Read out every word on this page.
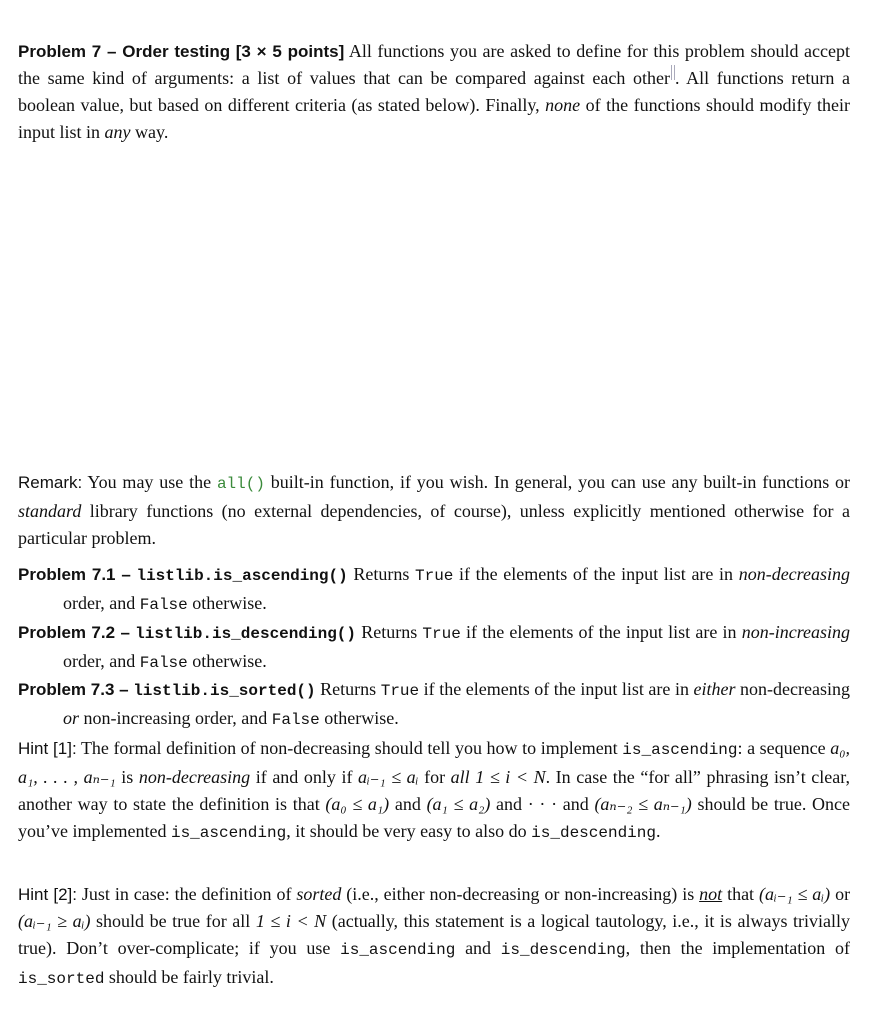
Problem 7 – Order testing [3 × 5 points] All functions you are asked to define for this problem should accept the same kind of arguments: a list of values that can be compared against each other . All functions return a boolean value, but based on different criteria (as stated below). Finally, none of the functions should modify their input list in any way.

Remark: You may use the all() built-in function, if you wish. In general, you can use any built-in functions or standard library functions (no external dependencies, of course), unless explicitly mentioned otherwise for a particular problem.

Problem 7.1 – listlib.is_ascending() Returns True if the elements of the input list are in non-decreasing order, and False otherwise.

Problem 7.2 – listlib.is_descending() Returns True if the elements of the input list are in non-increasing order, and False otherwise.

Problem 7.3 – listlib.is_sorted() Returns True if the elements of the input list are in either non-decreasing or non-increasing order, and False otherwise.

Hint [1]: The formal definition of non-decreasing should tell you how to implement is_ascending: a sequence a₀, a₁, . . . , aₙ₋₁ is non-decreasing if and only if aᵢ₋₁ ≤ aᵢ for all 1 ≤ i < N. In case the “for all” phrasing isn’t clear, another way to state the definition is that (a₀ ≤ a₁) and (a₁ ≤ a₂) and · · · and (aₙ₋₂ ≤ aₙ₋₁) should be true. Once you’ve implemented is_ascending, it should be very easy to also do is_descending.

Hint [2]: Just in case: the definition of sorted (i.e., either non-decreasing or non-increasing) is not that (aᵢ₋₁ ≤ aᵢ) or (aᵢ₋₁ ≥ aᵢ) should be true for all 1 ≤ i < N (actually, this statement is a logical tautology, i.e., it is always trivially true). Don’t over-complicate; if you use is_ascending and is_descending, then the implementation of is_sorted should be fairly trivial.
